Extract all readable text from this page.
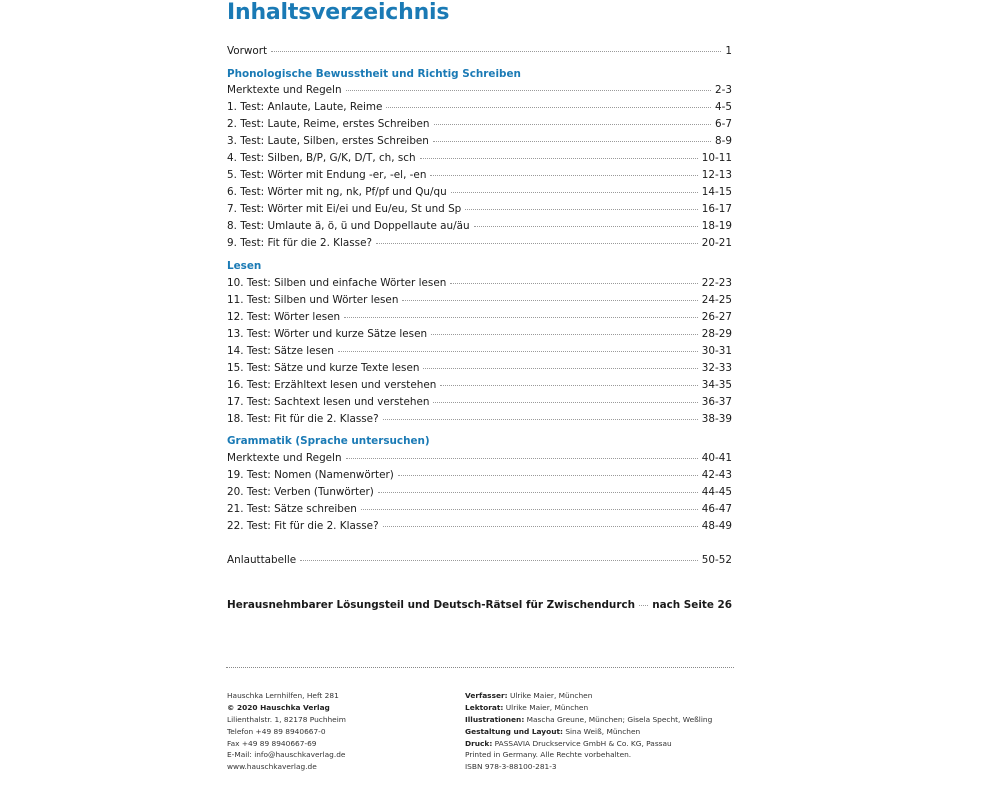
Inhaltsverzeichnis
Vorwort	1
Phonologische Bewusstheit und Richtig Schreiben
Merktexte und Regeln	2-3
1. Test: Anlaute, Laute, Reime	4-5
2. Test: Laute, Reime, erstes Schreiben	6-7
3. Test: Laute, Silben, erstes Schreiben	8-9
4. Test: Silben, B/P, G/K, D/T, ch, sch	10-11
5. Test: Wörter mit Endung -er, -el, -en	12-13
6. Test: Wörter mit ng, nk, Pf/pf und Qu/qu	14-15
7. Test: Wörter mit Ei/ei und Eu/eu, St und Sp	16-17
8. Test: Umlaute ä, ö, ü und Doppellaute au/äu	18-19
9. Test: Fit für die 2. Klasse?	20-21
Lesen
10. Test: Silben und einfache Wörter lesen	22-23
11. Test: Silben und Wörter lesen	24-25
12. Test: Wörter lesen	26-27
13. Test: Wörter und kurze Sätze lesen	28-29
14. Test: Sätze lesen	30-31
15. Test: Sätze und kurze Texte lesen	32-33
16. Test: Erzähltext lesen und verstehen	34-35
17. Test: Sachtext lesen und verstehen	36-37
18. Test: Fit für die 2. Klasse?	38-39
Grammatik (Sprache untersuchen)
Merktexte und Regeln	40-41
19. Test: Nomen (Namenwörter)	42-43
20. Test: Verben (Tunwörter)	44-45
21. Test: Sätze schreiben	46-47
22. Test: Fit für die 2. Klasse?	48-49
Anlauttabelle	50-52
Herausnehmbarer Lösungsteil und Deutsch-Rätsel für Zwischendurch nach Seite 26
Hauschka Lernhilfen, Heft 281
© 2020 Hauschka Verlag
Lilienthalstr. 1, 82178 Puchheim
Telefon +49 89 8940667-0
Fax +49 89 8940667-69
E-Mail: info@hauschkaverlag.de
www.hauschkaverlag.de
Verfasser: Ulrike Maier, München
Lektorat: Ulrike Maier, München
Illustrationen: Mascha Greune, München; Gisela Specht, Weßling
Gestaltung und Layout: Sina Weiß, München
Druck: PASSAVIA Druckservice GmbH & Co. KG, Passau
Printed in Germany. Alle Rechte vorbehalten.
ISBN 978-3-88100-281-3
